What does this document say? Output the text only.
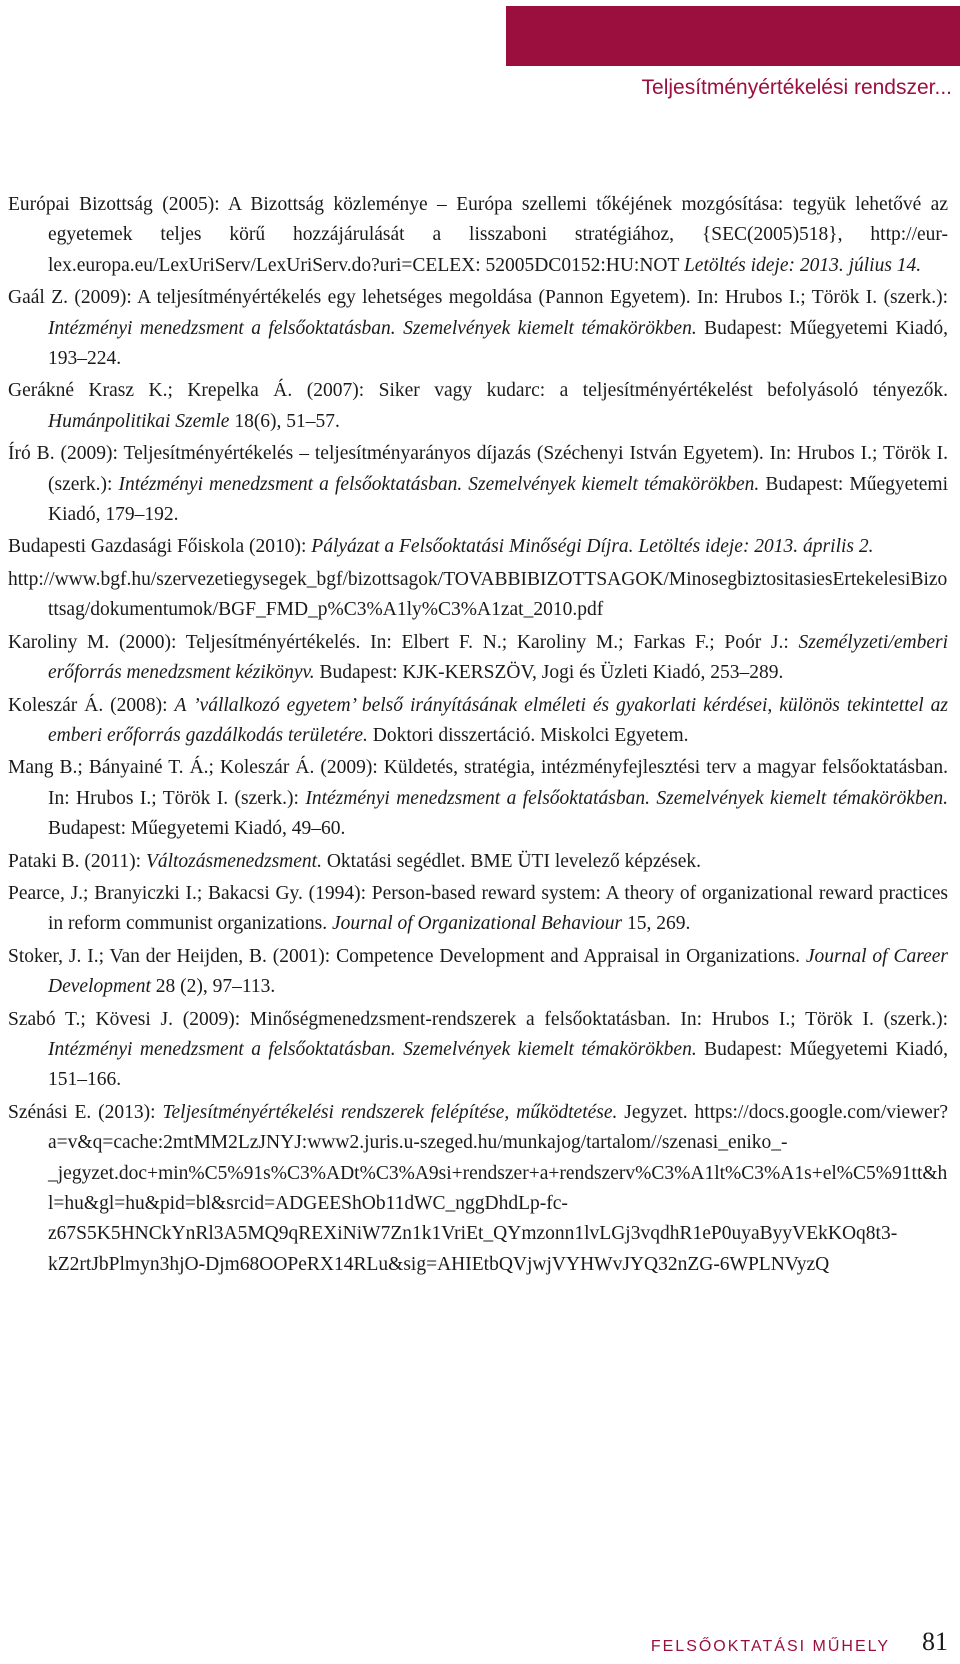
Teljesítményértékelési rendszer...

Európai Bizottság (2005): A Bizottság közleménye – Európa szellemi tőkéjének mozgósítása: tegyük lehetővé az egyetemek teljes körű hozzájárulását a lisszaboni stratégiához, {SEC(2005)518}, http://eur-lex.europa.eu/LexUriServ/LexUriServ.do?uri=CELEX: 52005DC0152:HU:NOT Letöltés ideje: 2013. július 14.

Gaál Z. (2009): A teljesítményértékelés egy lehetséges megoldása (Pannon Egyetem). In: Hrubos I.; Török I. (szerk.): Intézményi menedzsment a felsőoktatásban. Szemelvények kiemelt témakörökben. Budapest: Műegyetemi Kiadó, 193–224.

Gerákné Krasz K.; Krepelka Á. (2007): Siker vagy kudarc: a teljesítményértékelést befolyásoló tényezők. Humánpolitikai Szemle 18(6), 51–57.

Író B. (2009): Teljesítményértékelés – teljesítményarányos díjazás (Széchenyi István Egyetem). In: Hrubos I.; Török I. (szerk.): Intézményi menedzsment a felsőoktatásban. Szemelvények kiemelt témakörökben. Budapest: Műegyetemi Kiadó, 179–192.

Budapesti Gazdasági Főiskola (2010): Pályázat a Felsőoktatási Minőségi Díjra. Letöltés ideje: 2013. április 2.

http://www.bgf.hu/szervezetiegysegek_bgf/bizottsagok/TOVABBIBIZOTTSAGOK/MinosegbiztositasiesErtekelesiBizottsag/dokumentumok/BGF_FMD_p%C3%A1ly%C3%A1zat_2010.pdf

Karoliny M. (2000): Teljesítményértékelés. In: Elbert F. N.; Karoliny M.; Farkas F.; Poór J.: Személyzeti/emberi erőforrás menedzsment kézikönyv. Budapest: KJK-KERSZÖV, Jogi és Üzleti Kiadó, 253–289.

Koleszár Á. (2008): A ’vállalkozó egyetem’ belső irányításának elméleti és gyakorlati kérdései, különös tekintettel az emberi erőforrás gazdálkodás területére. Doktori disszertáció. Miskolci Egyetem.

Mang B.; Bányainé T. Á.; Koleszár Á. (2009): Küldetés, stratégia, intézményfejlesztési terv a magyar felsőoktatásban. In: Hrubos I.; Török I. (szerk.): Intézményi menedzsment a felsőoktatásban. Szemelvények kiemelt témakörökben. Budapest: Műegyetemi Kiadó, 49–60.

Pataki B. (2011): Változásmenedzsment. Oktatási segédlet. BME ÜTI levelező képzések.

Pearce, J.; Branyiczki I.; Bakacsi Gy. (1994): Person-based reward system: A theory of organizational reward practices in reform communist organizations. Journal of Organizational Behaviour 15, 269.

Stoker, J. I.; Van der Heijden, B. (2001): Competence Development and Appraisal in Organizations. Journal of Career Development 28 (2), 97–113.

Szabó T.; Kövesi J. (2009): Minőségmenedzsment-rendszerek a felsőoktatásban. In: Hrubos I.; Török I. (szerk.): Intézményi menedzsment a felsőoktatásban. Szemelvények kiemelt témakörökben. Budapest: Műegyetemi Kiadó, 151–166.

Szénási E. (2013): Teljesítményértékelési rendszerek felépítése, működtetése. Jegyzet. https://docs.google.com/viewer?a=v&q=cache:2mtMM2LzJNYJ:www2.juris.u-szeged.hu/munkajog/tartalom//szenasi_eniko_-_jegyzet.doc+min%C5%91s%C3%ADt%C3%A9si+rendszer+a+rendszerv%C3%A1lt%C3%A1s+el%C5%91tt&hl=hu&gl=hu&pid=bl&srcid=ADGEEShOb11dWC_nggDhdLp-fc-z67S5K5HNCkYnRl3A5MQ9qREXiNiW7Zn1k1VriEt_QYmzonn1lvLGj3vqdhR1eP0uyaByyVEkKOq8t3-kZ2rtJbPlmyn3hjO-Djm68OOPeRX14RLu&sig=AHIEtbQVjwjVYHWvJYQ32nZG-6WPLNVyzQ

FELSŐOKTATÁSI MŰHELY 81
